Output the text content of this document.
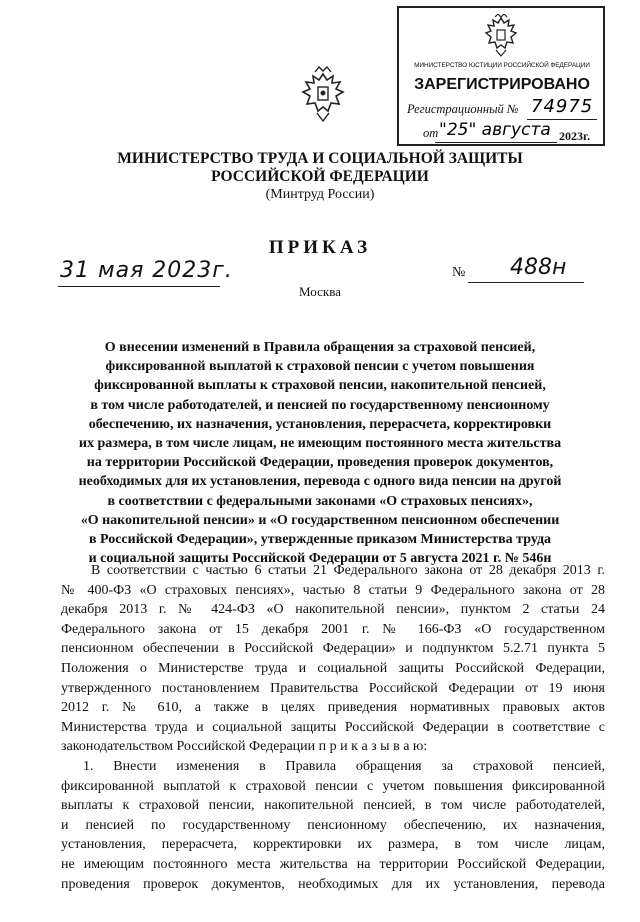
МИНИСТЕРСТВО ЮСТИЦИИ РОССИЙСКОЙ ФЕДЕРАЦИИ
ЗАРЕГИСТРИРОВАНО
Регистрационный № 74975
от "25" августа 2023г.
МИНИСТЕРСТВО ТРУДА И СОЦИАЛЬНОЙ ЗАЩИТЫ
РОССИЙСКОЙ ФЕДЕРАЦИИ
(Минтруд России)
ПРИКАЗ
31 мая 2023г.	№ 488н
Москва
О внесении изменений в Правила обращения за страховой пенсией,
фиксированной выплатой к страховой пенсии с учетом повышения
фиксированной выплаты к страховой пенсии, накопительной пенсией,
в том числе работодателей, и пенсией по государственному пенсионному
обеспечению, их назначения, установления, перерасчета, корректировки
их размера, в том числе лицам, не имеющим постоянного места жительства
на территории Российской Федерации, проведения проверок документов,
необходимых для их установления, перевода с одного вида пенсии на другой
в соответствии с федеральными законами «О страховых пенсиях»,
«О накопительной пенсии» и «О государственном пенсионном обеспечении
в Российской Федерации», утвержденные приказом Министерства труда
и социальной защиты Российской Федерации от 5 августа 2021 г. № 546н
В соответствии с частью 6 статьи 21 Федерального закона от 28 декабря 2013 г.
№ 400-ФЗ «О страховых пенсиях», частью 8 статьи 9 Федерального закона от 28
декабря 2013 г. № 424-ФЗ «О накопительной пенсии», пунктом 2 статьи 24
Федерального закона от 15 декабря 2001 г. № 166-ФЗ «О государственном
пенсионном обеспечении в Российской Федерации» и подпунктом 5.2.71 пункта 5
Положения о Министерстве труда и социальной защиты Российской Федерации,
утвержденного постановлением Правительства Российской Федерации от 19 июня
2012 г. № 610, а также в целях приведения нормативных правовых актов
Министерства труда и социальной защиты Российской Федерации в соответствие с
законодательством Российской Федерации п р и к а з ы в а ю:
1. Внести изменения в Правила обращения за страховой пенсией,
фиксированной выплатой к страховой пенсии с учетом повышения фиксированной
выплаты к страховой пенсии, накопительной пенсией, в том числе работодателей,
и пенсией по государственному пенсионному обеспечению, их назначения,
установления, перерасчета, корректировки их размера, в том числе лицам,
не имеющим постоянного места жительства на территории Российской Федерации,
проведения проверок документов, необходимых для их установления, перевода
